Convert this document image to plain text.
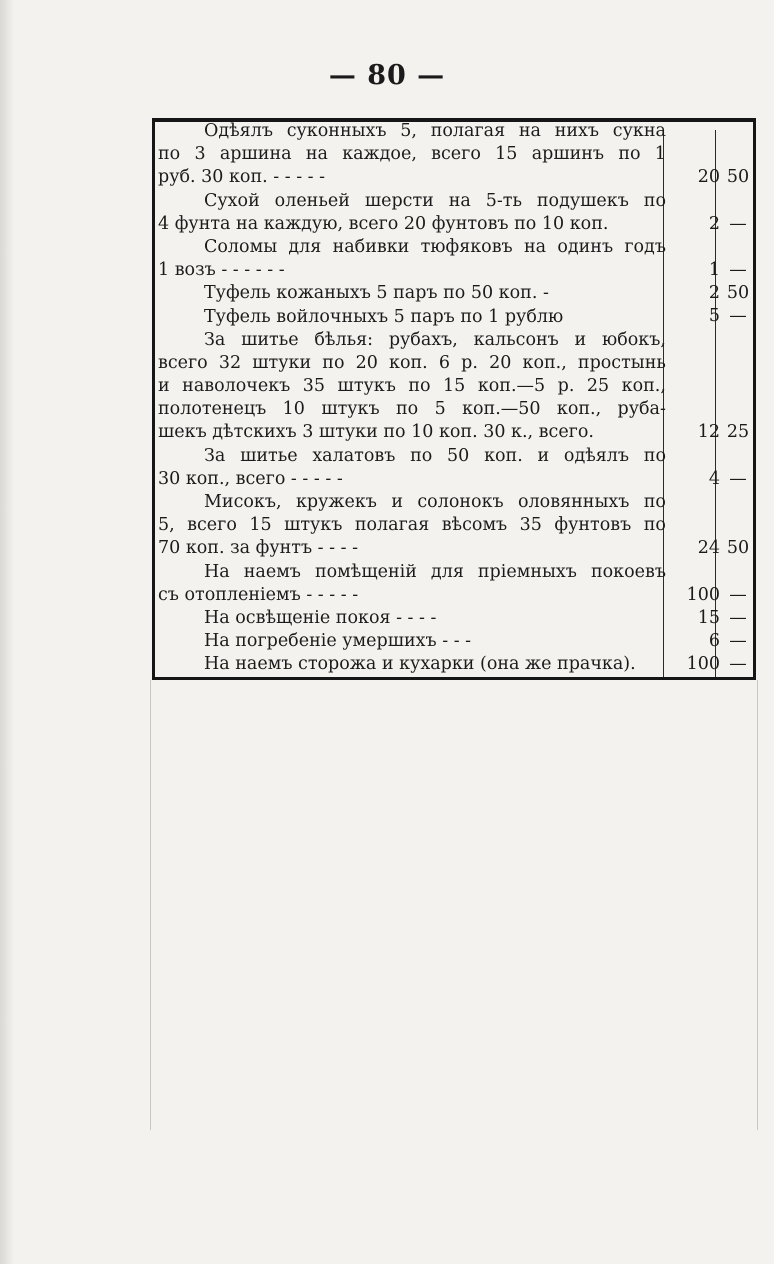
— 80 —
Одѣялъ суконныхъ 5, полагая на нихъ сукна
по 3 аршина на каждое, всего 15 аршинъ по 1
руб. 30 коп. - - - - -	20 50
Сухой оленьей шерсти на 5-ть подушекъ по
4 фунта на каждую, всего 20 фунтовъ по 10 коп.	2 —
Соломы для набивки тюфяковъ на одинъ годъ
1 возъ - - - - - -	1 —
Туфель кожаныхъ 5 паръ по 50 коп. -	2 50
Туфель войлочныхъ 5 паръ по 1 рублю	5 —
За шитье бѣлья: рубахъ, кальсонъ и юбокъ,
всего 32 штуки по 20 коп. 6 р. 20 коп., простынь
и наволочекъ 35 штукъ по 15 коп.—5 р. 25 коп.,
полотенецъ 10 штукъ по 5 коп.—50 коп., руба-
шекъ дѣтскихъ 3 штуки по 10 коп. 30 к., всего.	12 25
За шитье халатовъ по 50 коп. и одѣялъ по
30 коп., всего - - - - -	4 —
Мисокъ, кружекъ и солонокъ оловянныхъ по
5, всего 15 штукъ полагая вѣсомъ 35 фунтовъ по
70 коп. за фунтъ - - - -	24 50
На наемъ помѣщеній для пріемныхъ покоевъ
съ отопленіемъ - - - - -	100 —
На освѣщеніе покоя - - - -	15 —
На погребеніе умершихъ - - -	6 —
На наемъ сторожа и кухарки (она же прачка).	100 —
